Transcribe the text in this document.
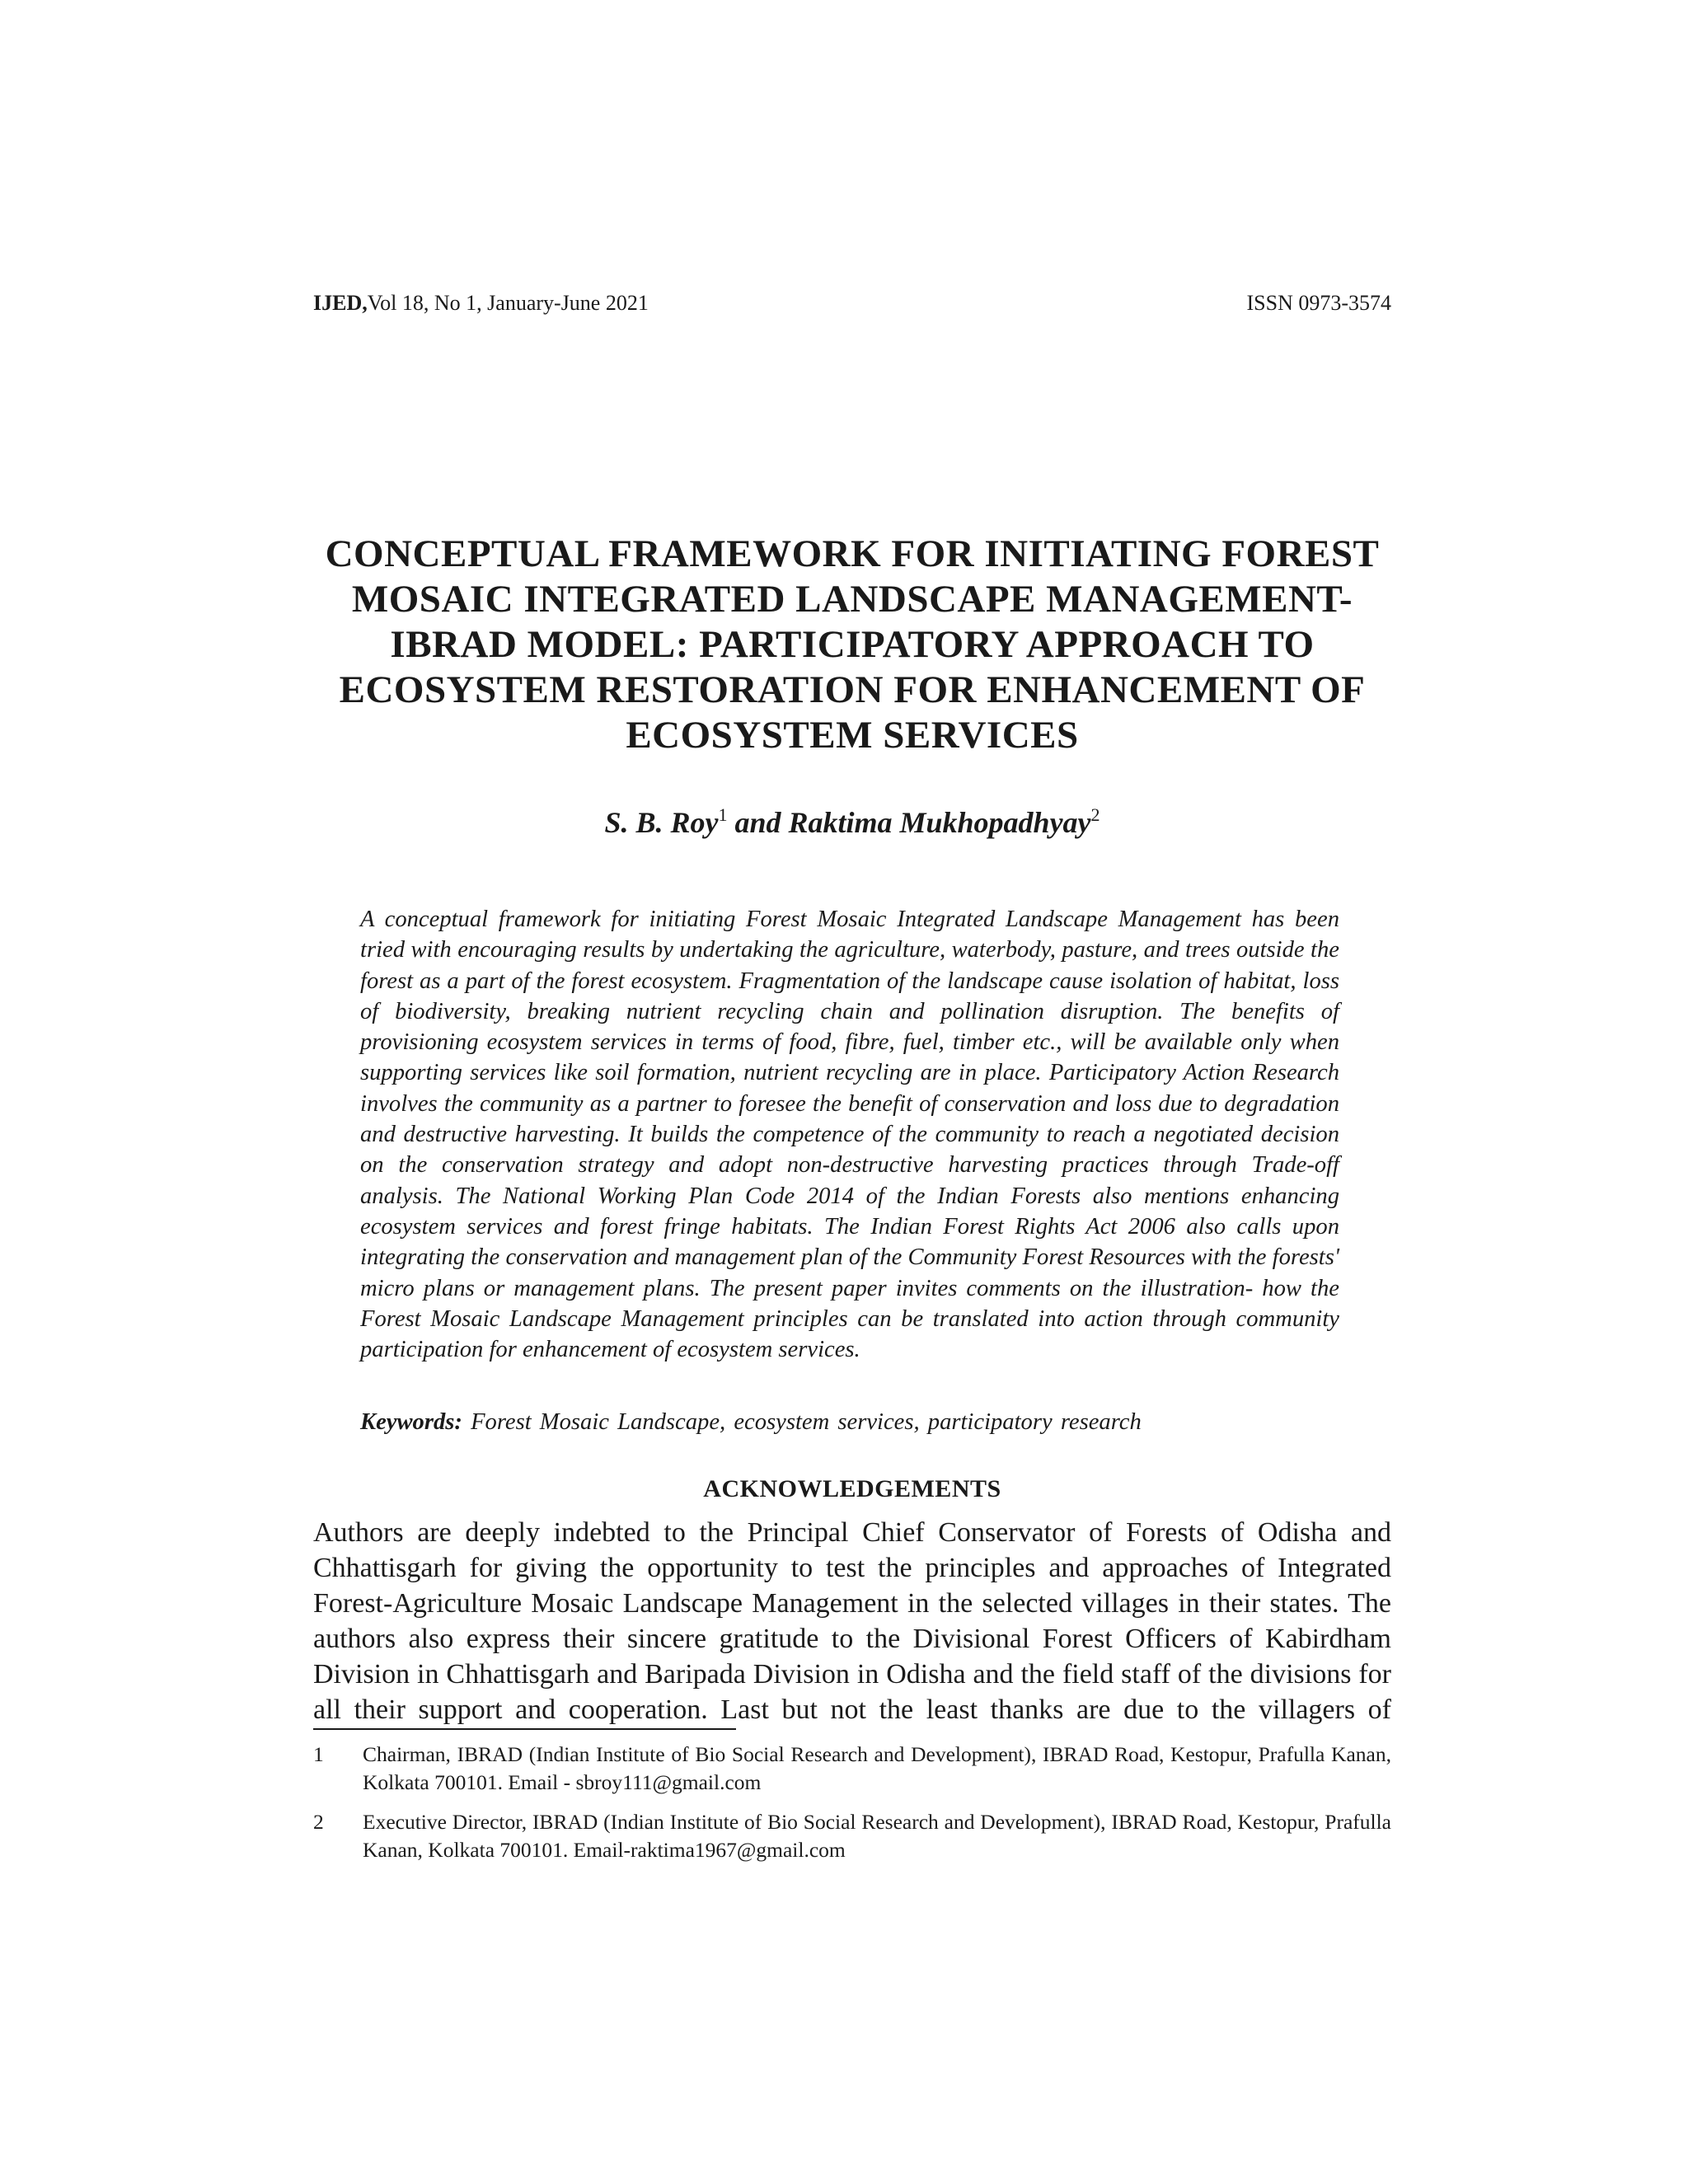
IJED,Vol 18, No 1, January-June 2021	ISSN 0973-3574
CONCEPTUAL FRAMEWORK FOR INITIATING FOREST
MOSAIC INTEGRATED LANDSCAPE MANAGEMENT-
IBRAD MODEL: PARTICIPATORY APPROACH TO
ECOSYSTEM RESTORATION FOR ENHANCEMENT OF
ECOSYSTEM SERVICES
S. B. Roy$^1$ and Raktima Mukhopadhyay$^2$

A conceptual framework for initiating Forest Mosaic Integrated Landscape Management has been tried with encouraging results by undertaking the agriculture, waterbody, pasture, and trees outside the forest as a part of the forest ecosystem. Fragmentation of the landscape cause isolation of habitat, loss of biodiversity, breaking nutrient recycling chain and pollination disruption. The benefits of provisioning ecosystem services in terms of food, fibre, fuel, timber etc., will be available only when supporting services like soil formation, nutrient recycling are in place. Participatory Action Research involves the community as a partner to foresee the benefit of conservation and loss due to degradation and destructive harvesting. It builds the competence of the community to reach a negotiated decision on the conservation strategy and adopt non-destructive harvesting practices through Trade-off analysis. The National Working Plan Code 2014 of the Indian Forests also mentions enhancing ecosystem services and forest fringe habitats. The Indian Forest Rights Act 2006 also calls upon integrating the conservation and management plan of the Community Forest Resources with the forests' micro plans or management plans. The present paper invites comments on the illustration- how the Forest Mosaic Landscape Management principles can be translated into action through community participation for enhancement of ecosystem services.

Keywords: Forest Mosaic Landscape, ecosystem services, participatory research
ACKNOWLEDGEMENTS

Authors are deeply indebted to the Principal Chief Conservator of Forests of Odisha and Chhattisgarh for giving the opportunity to test the principles and approaches of Integrated Forest-Agriculture Mosaic Landscape Management in the selected villages in their states. The authors also express their sincere gratitude to the Divisional Forest Officers of Kabirdham Division in Chhattisgarh and Baripada Division in Odisha and the field staff of the divisions for all their support and cooperation. Last but not the least thanks are due to the villagers of

1	Chairman, IBRAD (Indian Institute of Bio Social Research and Development), IBRAD Road, Kestopur, Prafulla Kanan, Kolkata 700101. Email - sbroy111@gmail.com
2	Executive Director, IBRAD (Indian Institute of Bio Social Research and Development), IBRAD Road, Kestopur, Prafulla Kanan, Kolkata 700101. Email-raktima1967@gmail.com
